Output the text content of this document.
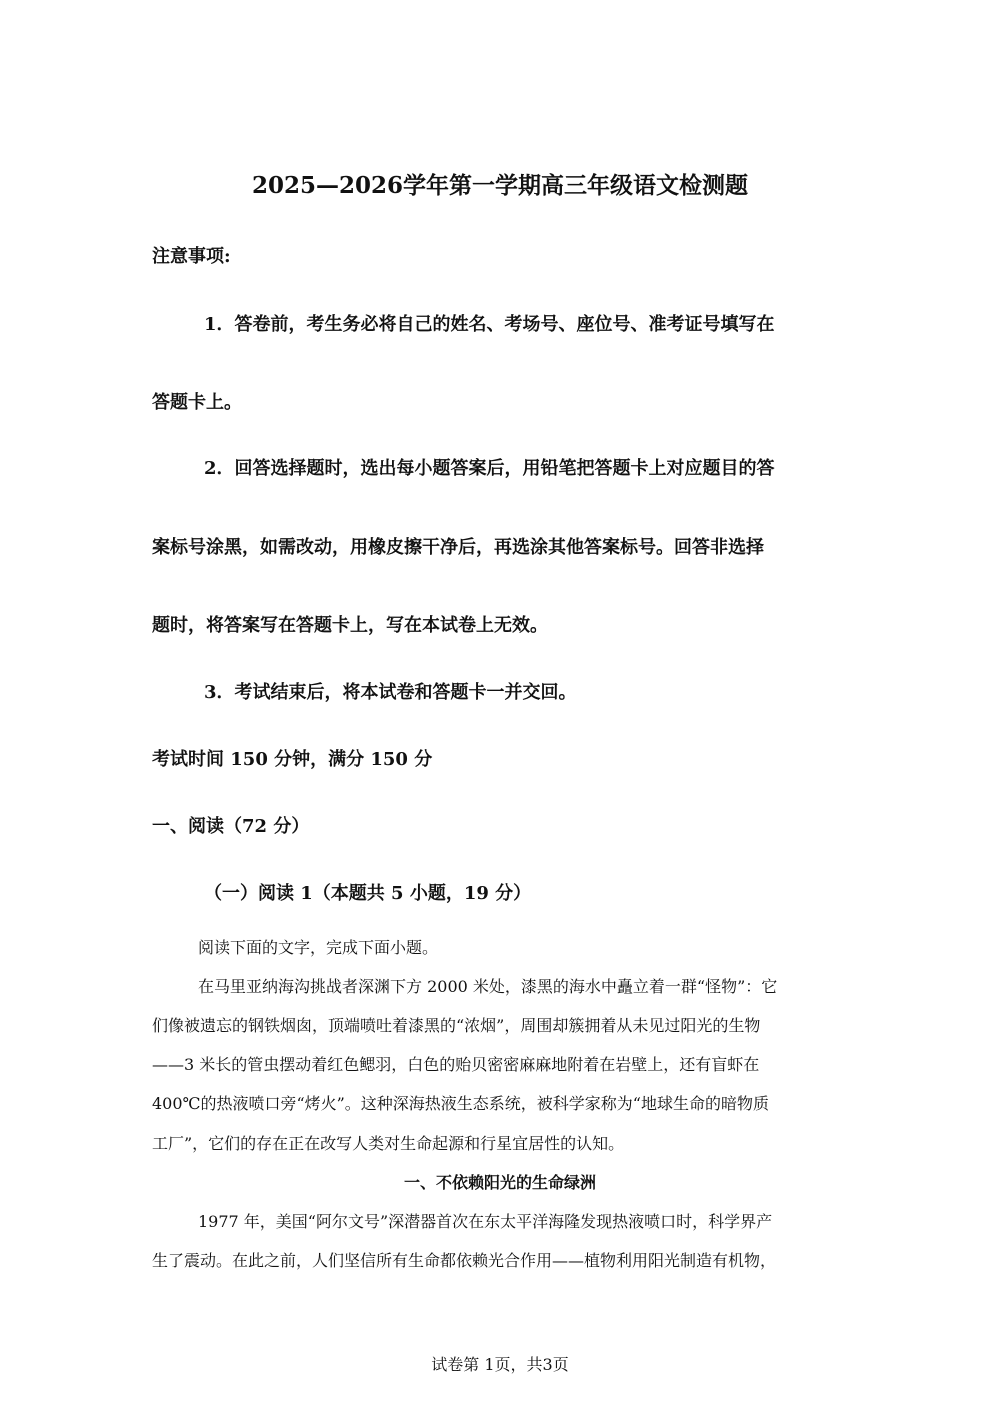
2025—2026学年第一学期高三年级语文检测题
注意事项:
1．答卷前，考生务必将自己的姓名、考场号、座位号、准考证号填写在
答题卡上。
2．回答选择题时，选出每小题答案后，用铅笔把答题卡上对应题目的答
案标号涂黑，如需改动，用橡皮擦干净后，再选涂其他答案标号。回答非选择
题时，将答案写在答题卡上，写在本试卷上无效。
3．考试结束后，将本试卷和答题卡一并交回。
考试时间 150 分钟，满分 150 分
一、阅读（72 分）
（一）阅读 1（本题共 5 小题，19 分）
阅读下面的文字，完成下面小题。
在马里亚纳海沟挑战者深渊下方 2000 米处，漆黑的海水中矗立着一群“怪物”：它
们像被遗忘的钢铁烟囱，顶端喷吐着漆黑的“浓烟”，周围却簇拥着从未见过阳光的生物
——3 米长的管虫摆动着红色鳃羽，白色的贻贝密密麻麻地附着在岩壁上，还有盲虾在
400℃的热液喷口旁“烤火”。这种深海热液生态系统，被科学家称为“地球生命的暗物质
工厂”，它们的存在正在改写人类对生命起源和行星宜居性的认知。
一、不依赖阳光的生命绿洲
1977 年，美国“阿尔文号”深潜器首次在东太平洋海隆发现热液喷口时，科学界产
生了震动。在此之前，人们坚信所有生命都依赖光合作用——植物利用阳光制造有机物，
试卷第 1页，共3页
